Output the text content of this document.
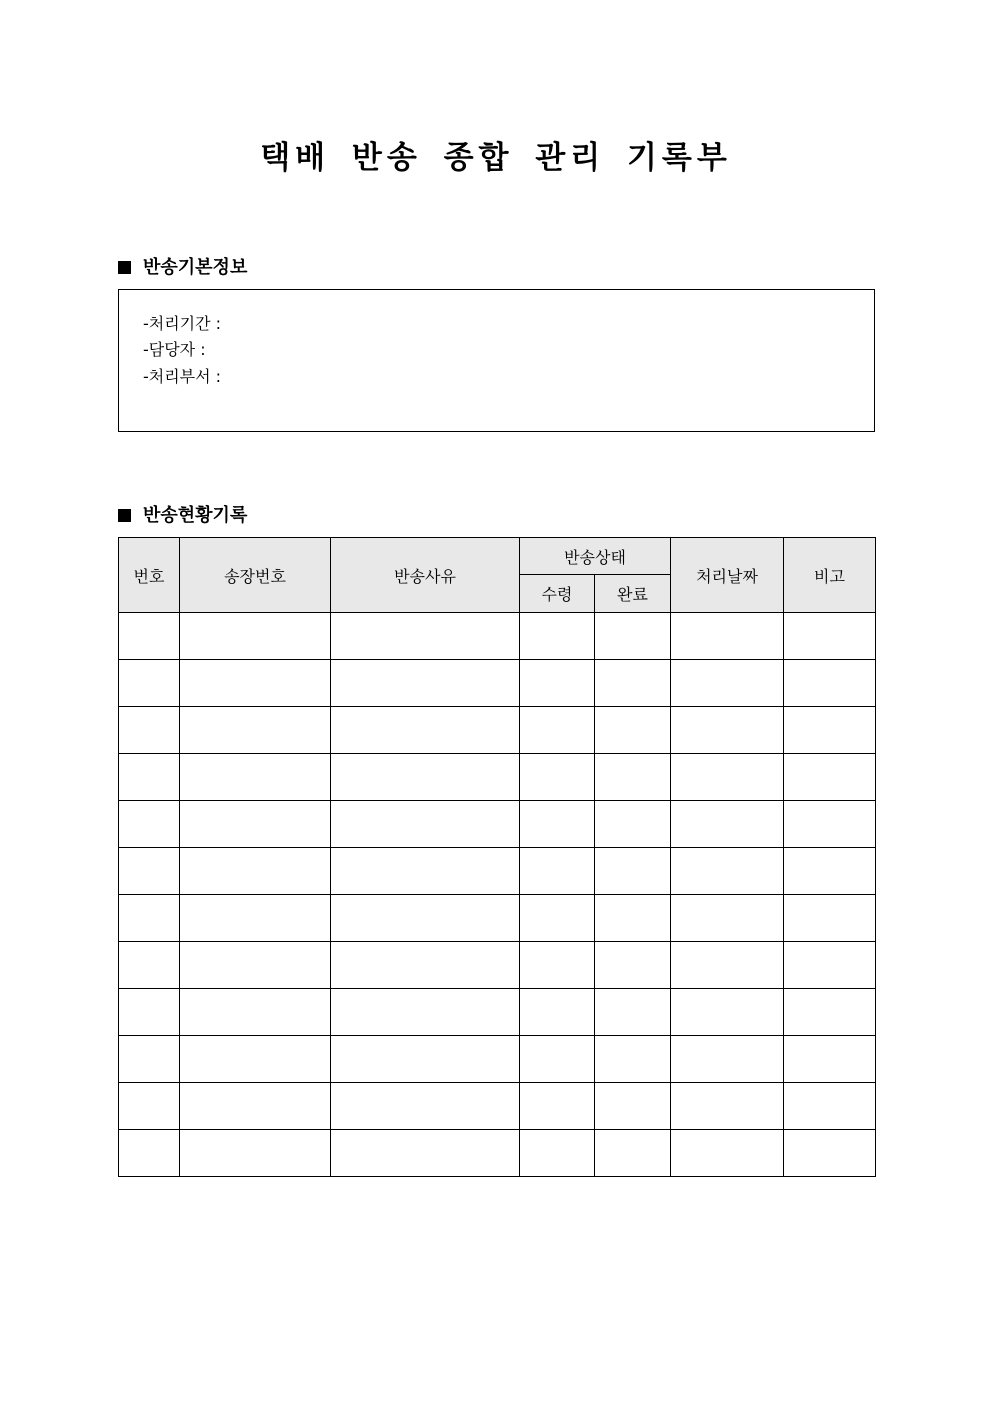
택배 반송 종합 관리 기록부
반송기본정보
-처리기간 :
-담당자 :
-처리부서 :
반송현황기록
번호	송장번호	반송사유	반송상태		처리날짜	비고
			수령	완료		
